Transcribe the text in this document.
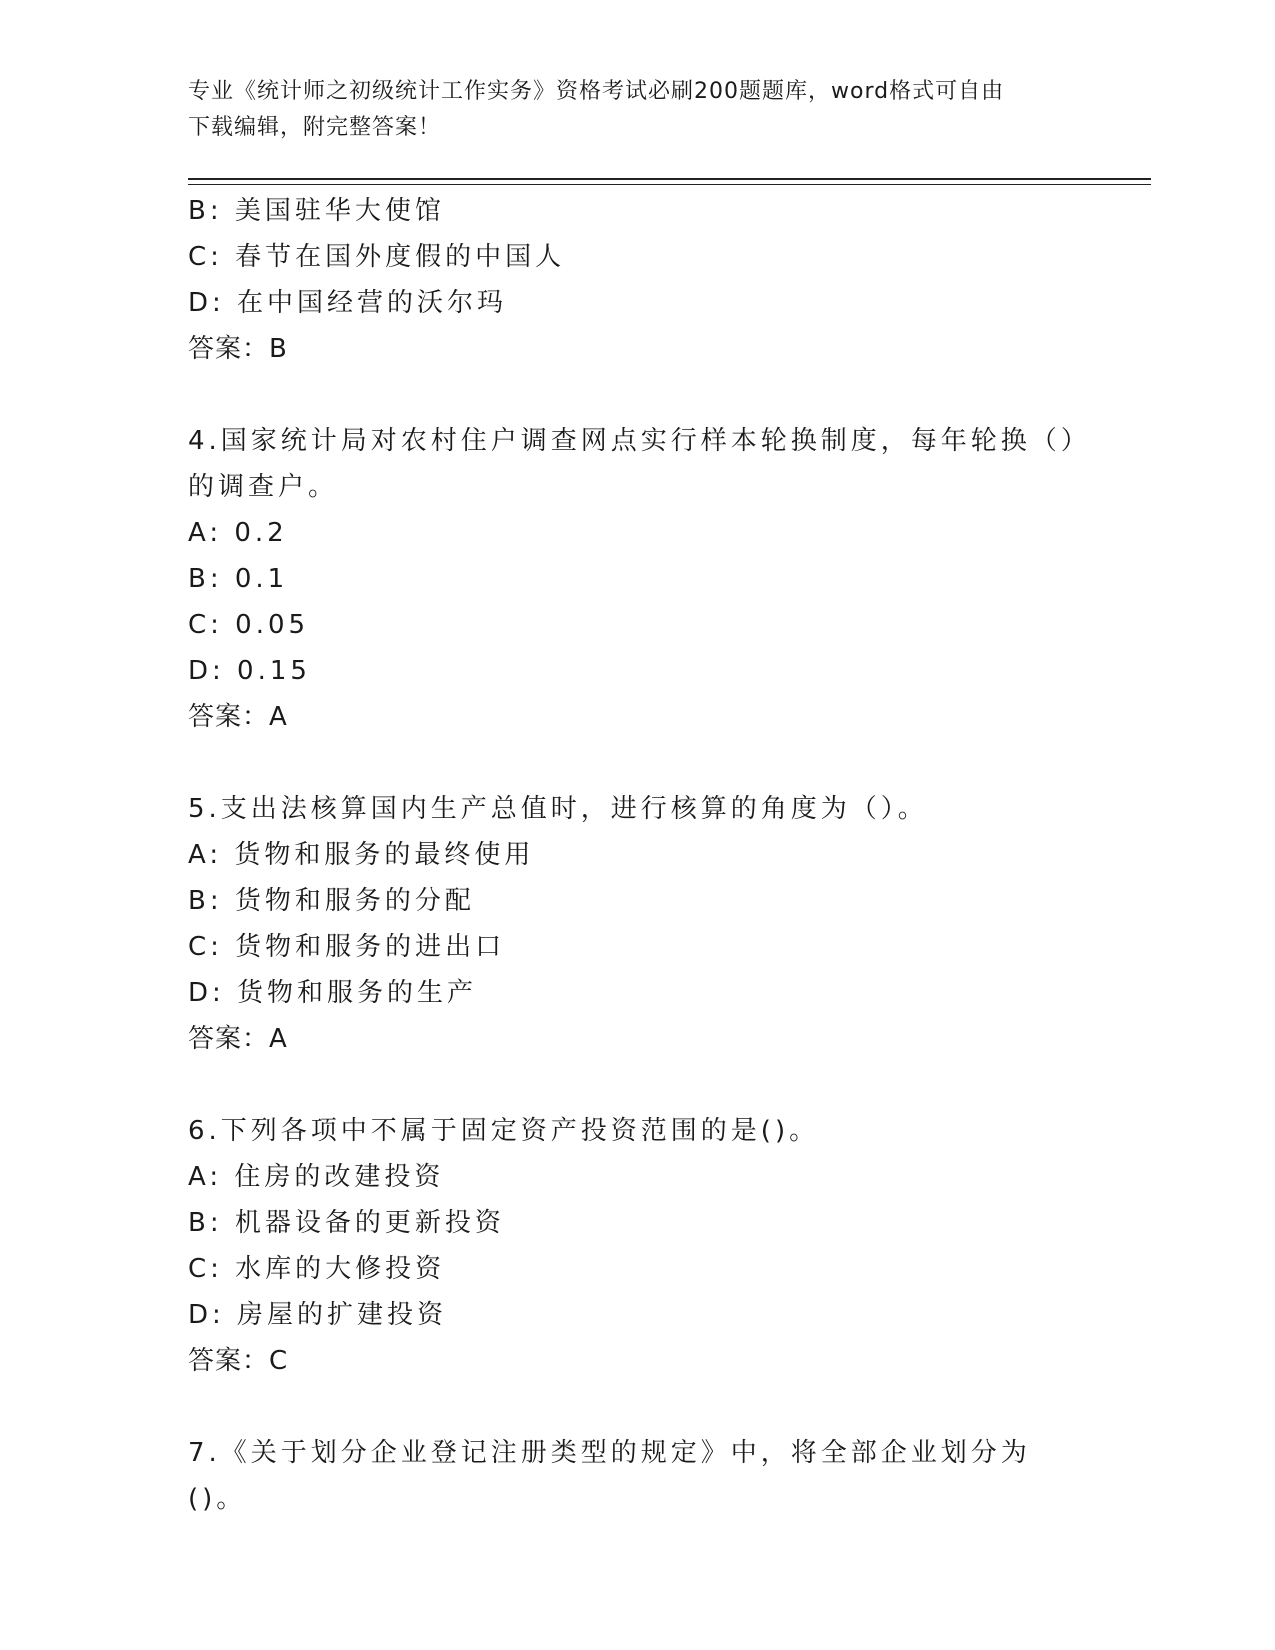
专业《统计师之初级统计工作实务》资格考试必刷200题题库，word格式可自由
下载编辑，附完整答案！
B: 美国驻华大使馆
C: 春节在国外度假的中国人
D: 在中国经营的沃尔玛
答案：B
4.国家统计局对农村住户调查网点实行样本轮换制度，每年轮换（）
的调查户。
A: 0.2
B: 0.1
C: 0.05
D: 0.15
答案：A
5.支出法核算国内生产总值时，进行核算的角度为（）。
A: 货物和服务的最终使用
B: 货物和服务的分配
C: 货物和服务的进出口
D: 货物和服务的生产
答案：A
6.下列各项中不属于固定资产投资范围的是()。
A: 住房的改建投资
B: 机器设备的更新投资
C: 水库的大修投资
D: 房屋的扩建投资
答案：C
7.《关于划分企业登记注册类型的规定》中，将全部企业划分为()。
